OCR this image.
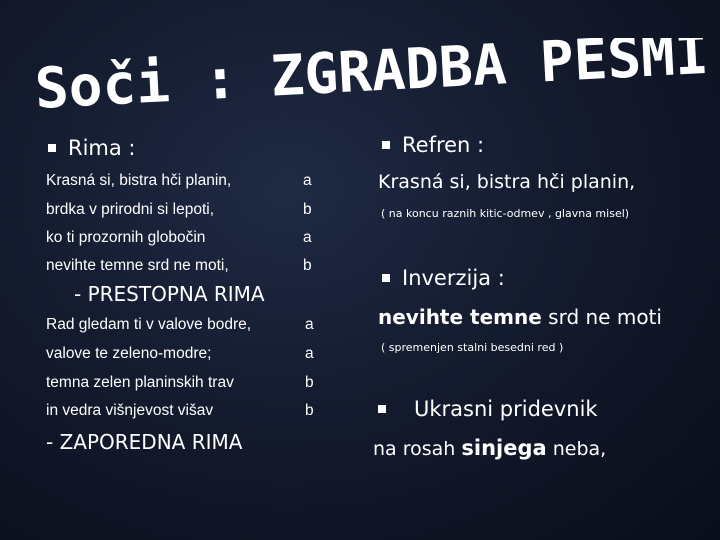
Soči : ZGRADBA PESMI
Rima :
Krasná si, bistra hči planin,	a
brdka v prirodni si lepoti,	b
ko ti prozornih globočin	a
nevihte temne srd ne moti,	b
- PRESTOPNA RIMA
Rad gledam ti v valove bodre,	a
valove te zeleno-modre;	a
temna zelen planinskih trav	b
in vedra višnjevost višav	b
- ZAPOREDNA RIMA
Refren :
Krasná si, bistra hči planin,
( na koncu raznih kitic-odmev , glavna misel)
Inverzija :
nevihte temne srd ne moti
( spremenjen stalni besedni red )
Ukrasni pridevnik
na rosah sinjega neba,
